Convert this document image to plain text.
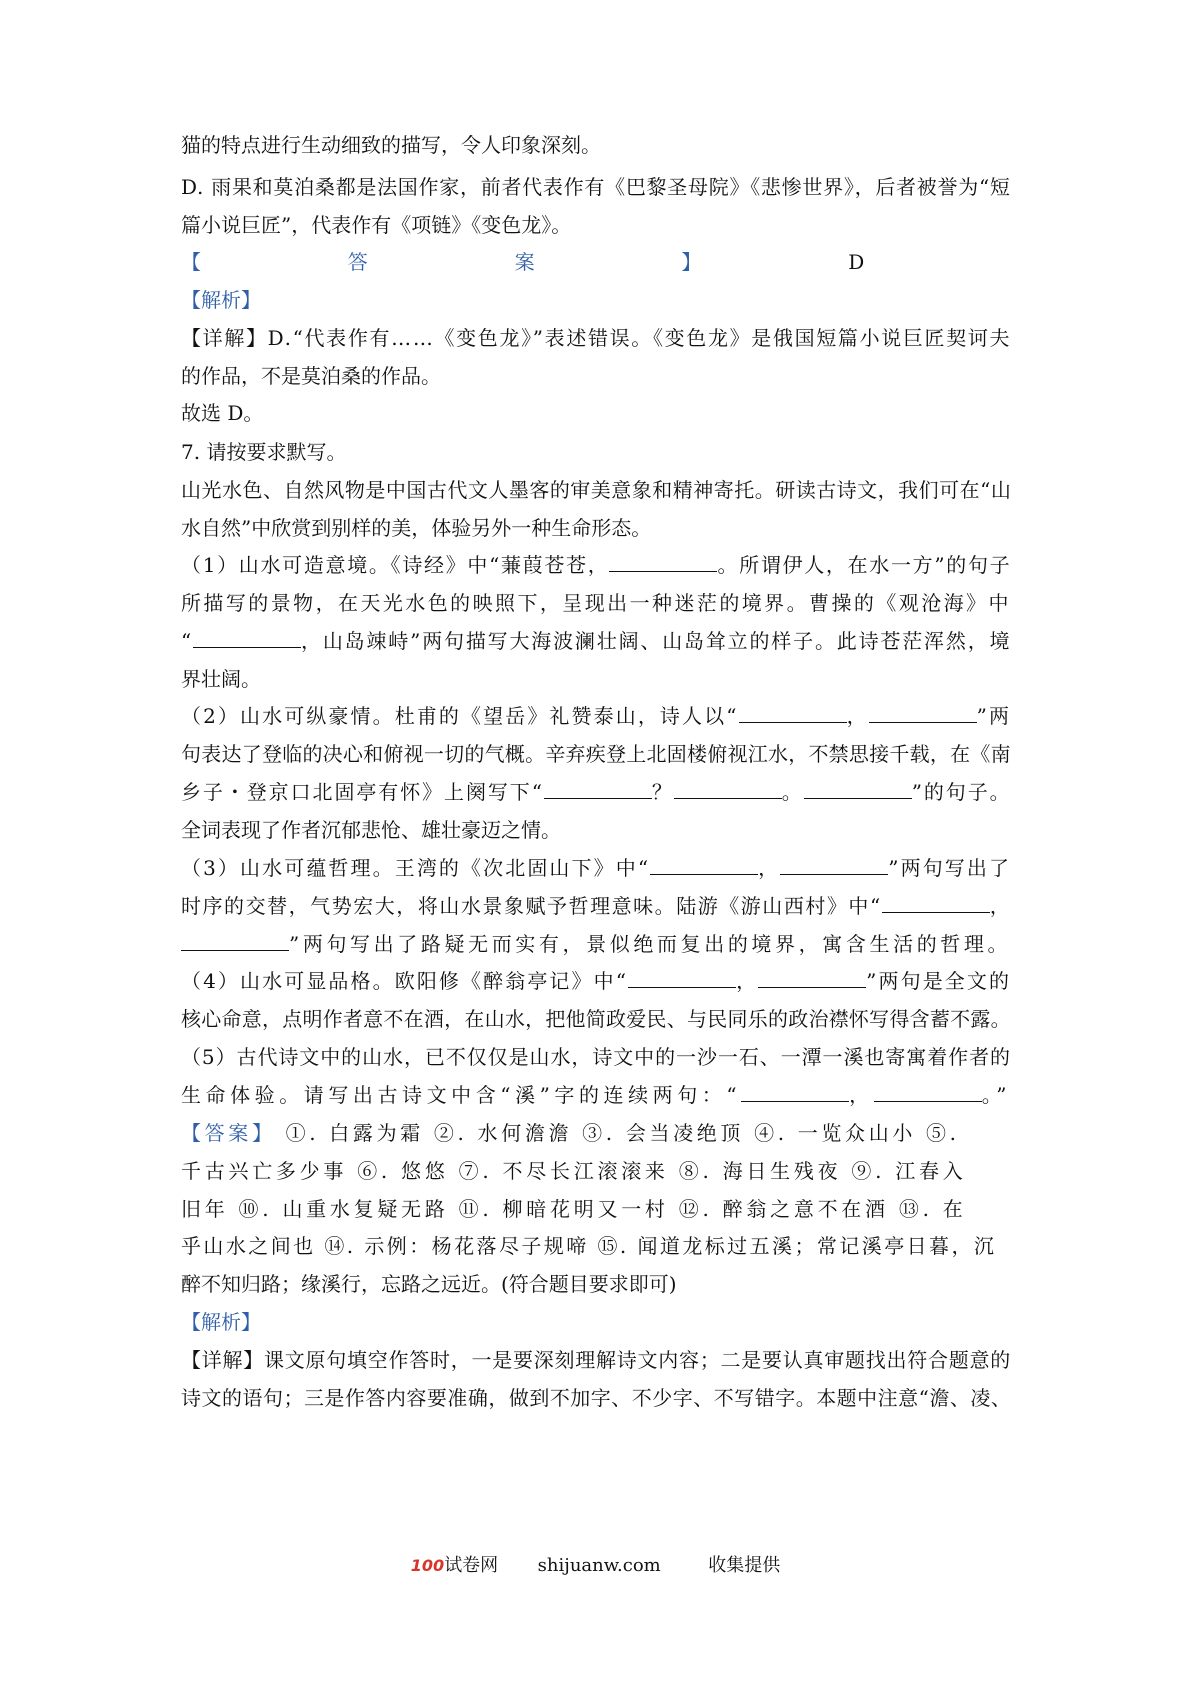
猫的特点进行生动细致的描写，令人印象深刻。
D. 雨果和莫泊桑都是法国作家，前者代表作有《巴黎圣母院》《悲惨世界》，后者被誉为“短
篇小说巨匠”，代表作有《项链》《变色龙》。
【答案】D
【解析】
【详解】D.“代表作有……《变色龙》”表述错误。《变色龙》是俄国短篇小说巨匠契诃夫
的作品，不是莫泊桑的作品。
故选 D。
7. 请按要求默写。
山光水色、自然风物是中国古代文人墨客的审美意象和精神寄托。研读古诗文，我们可在“山
水自然”中欣赏到别样的美，体验另外一种生命形态。
（1）山水可造意境。《诗经》中“蒹葭苍苍，	。所谓伊人，在水一方”的句子
所描写的景物，在天光水色的映照下，呈现出一种迷茫的境界。曹操的《观沧海》中
“	，山岛竦峙”两句描写大海波澜壮阔、山岛耸立的样子。此诗苍茫浑然，境
界壮阔。
（2）山水可纵豪情。杜甫的《望岳》礼赞泰山，诗人以“	，	”两
句表达了登临的决心和俯视一切的气概。辛弃疾登上北固楼俯视江水，不禁思接千载，在《南
乡子・登京口北固亭有怀》上阕写下“	？	。	”的句子。
全词表现了作者沉郁悲怆、雄壮豪迈之情。
（3）山水可蕴哲理。王湾的《次北固山下》中“	，	”两句写出了
时序的交替，气势宏大，将山水景象赋予哲理意味。陆游《游山西村》中“	，
”两句写出了路疑无而实有，景似绝而复出的境界，寓含生活的哲理。
（4）山水可显品格。欧阳修《醉翁亭记》中“	，	”两句是全文的
核心命意，点明作者意不在酒，在山水，把他简政爱民、与民同乐的政治襟怀写得含蓄不露。
（5）古代诗文中的山水，已不仅仅是山水，诗文中的一沙一石、一潭一溪也寄寓着作者的
生命体验。请写出古诗文中含“溪”字的连续两句：“	，	。”
【答案】 ①. 白露为霜 ②. 水何澹澹 ③. 会当凌绝顶 ④. 一览众山小 ⑤.
千古兴亡多少事 ⑥. 悠悠 ⑦. 不尽长江滚滚来 ⑧. 海日生残夜 ⑨. 江春入
旧年 ⑩. 山重水复疑无路 ⑪. 柳暗花明又一村 ⑫. 醉翁之意不在酒 ⑬. 在
乎山水之间也 ⑭. 示例：杨花落尽子规啼 ⑮. 闻道龙标过五溪；常记溪亭日暮，沉
醉不知归路；缘溪行，忘路之远近。(符合题目要求即可)
【解析】
【详解】课文原句填空作答时，一是要深刻理解诗文内容；二是要认真审题找出符合题意的
诗文的语句；三是作答内容要准确，做到不加字、不少字、不写错字。本题中注意“澹、凌、
100试卷网 shijuanw.com	收集提供
